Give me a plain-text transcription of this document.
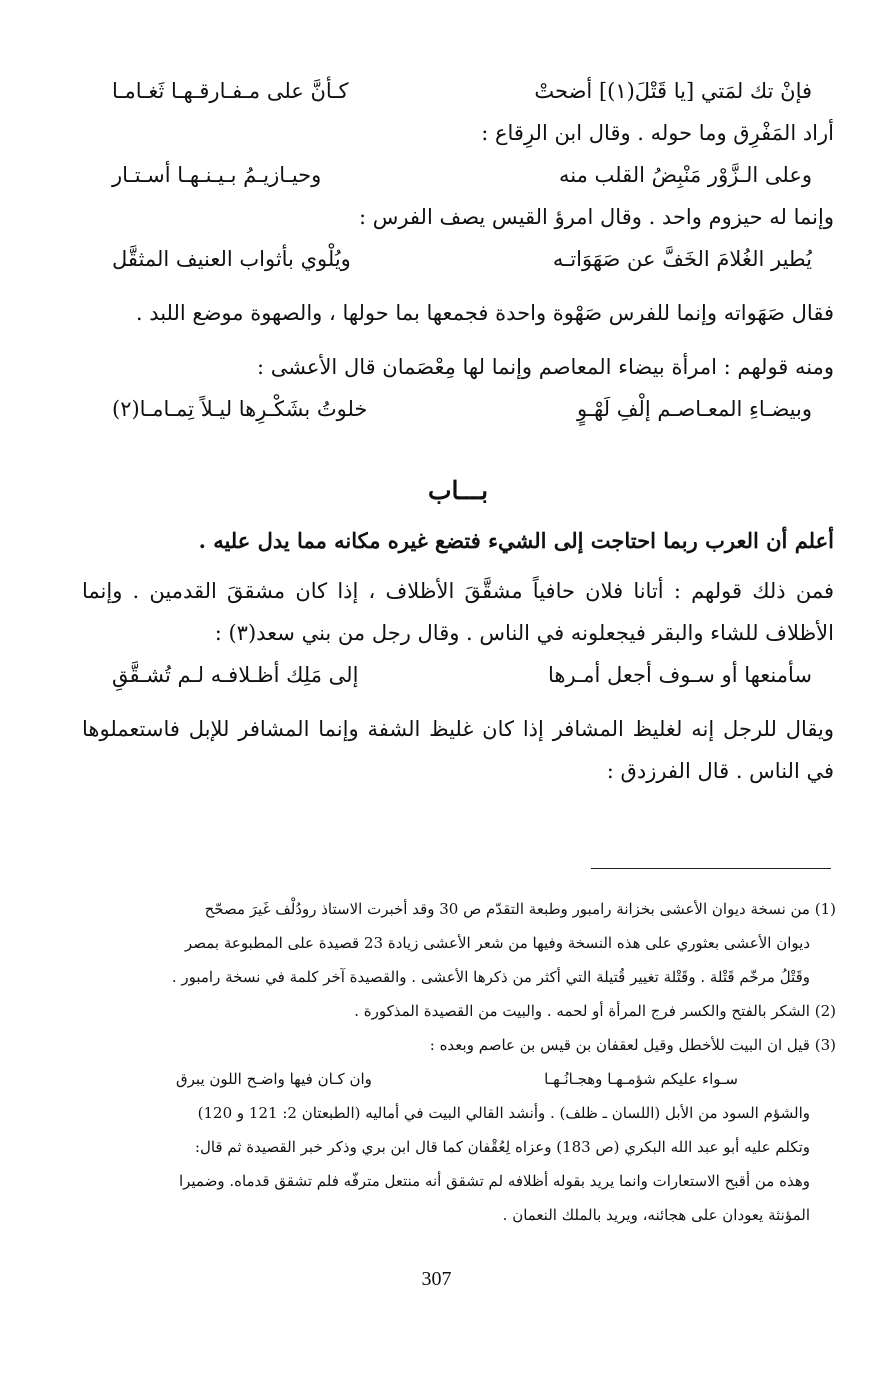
فإنْ تك لمَتي [يا قَتْلَ(١)] أضحتْ
كـأنَّ على مـفـارقـهـا ثَغـامـا
أراد المَفْرِق وما حوله . وقال ابن الرِقاع :
وعلى الـزَّوْر مَنْبِضُ القلب منه
وحيـازيـمُ بـيـنـهـا أسـتـار
وإنما له حيزوم واحد . وقال امرؤ القيس يصف الفرس :
يُطير الغُلامَ الخَفَّ عن صَهَوَاتـه
ويُلْوي بأثواب العنيف المثقَّل
فقال صَهَواته وإنما للفرس صَهْوة واحدة فجمعها بما حولها ، والصهوة موضع اللبد .
ومنه قولهم : امرأة بيضاء المعاصم وإنما لها مِعْصَمان قال الأعشى :
وبيضـاءِ المعـاصـم إلْفِ لَهْـوٍ
خلوتُ بشَكْـرِها ليـلاً تِمـامـا(٢)
بـــاب
أعلم أن العرب ربما احتاجت إلى الشيء فتضع غيره مكانه مما يدل عليه .
فمن ذلك قولهم : أتانا فلان حافياً مشقَّقَ الأظلاف ، إذا كان مشققَ القدمين . وإنما الأظلاف للشاء والبقر فيجعلونه في الناس . وقال رجل من بني سعد(٣) :
سأمنعها أو سـوف أجعل أمـرها
إلى مَلِك أظـلافـه لـم تُشـقَّقِ
ويقال للرجل إنه لغليظ المشافر إذا كان غليظ الشفة وإنما المشافر للإبل فاستعملوها في الناس . قال الفرزدق :
(1) من نسخة ديوان الأعشى بخزانة رامبور وطبعة التقدّم ص 30 وقد أخبرت الاستاذ رودُلْف غَيرَ مصحّح
ديوان الأعشى بعثوري على هذه النسخة وفيها من شعر الأعشى زيادة 23 قصيدة على المطبوعة بمصر
وقَتْلُ مرخّم قَتْلة . وقَتْلة تغيير قُتيلة التي أكثر من ذكرها الأعشى . والقصيدة آخر كلمة في نسخة رامبور .
(2) الشكر بالفتح والكسر فرج المرأة أو لحمه . والبيت من القصيدة المذكورة .
(3) قيل ان البيت للأخطل وقيل لعقفان بن قيس بن عاصم وبعده :
سـواء عليكم شؤمـهـا وهجـانُـهـا
وان كـان فيها واضـح اللون يبرق
والشؤم السود من الأبل (اللسان ـ ظلف) . وأنشد القالي البيت في أماليه (الطبعتان 2: 121 و 120)
وتكلم عليه أبو عبد الله البكري (ص 183) وعزاه لِعُقْفان كما قال ابن بري وذكر خبر القصيدة ثم قال:
وهذه من أقبح الاستعارات وانما يريد بقوله أظلافه لم تشقق أنه منتعل مترفّه فلم تشقق قدماه. وضميرا
المؤنثة يعودان على هجائنه، ويريد بالملك النعمان .
307
